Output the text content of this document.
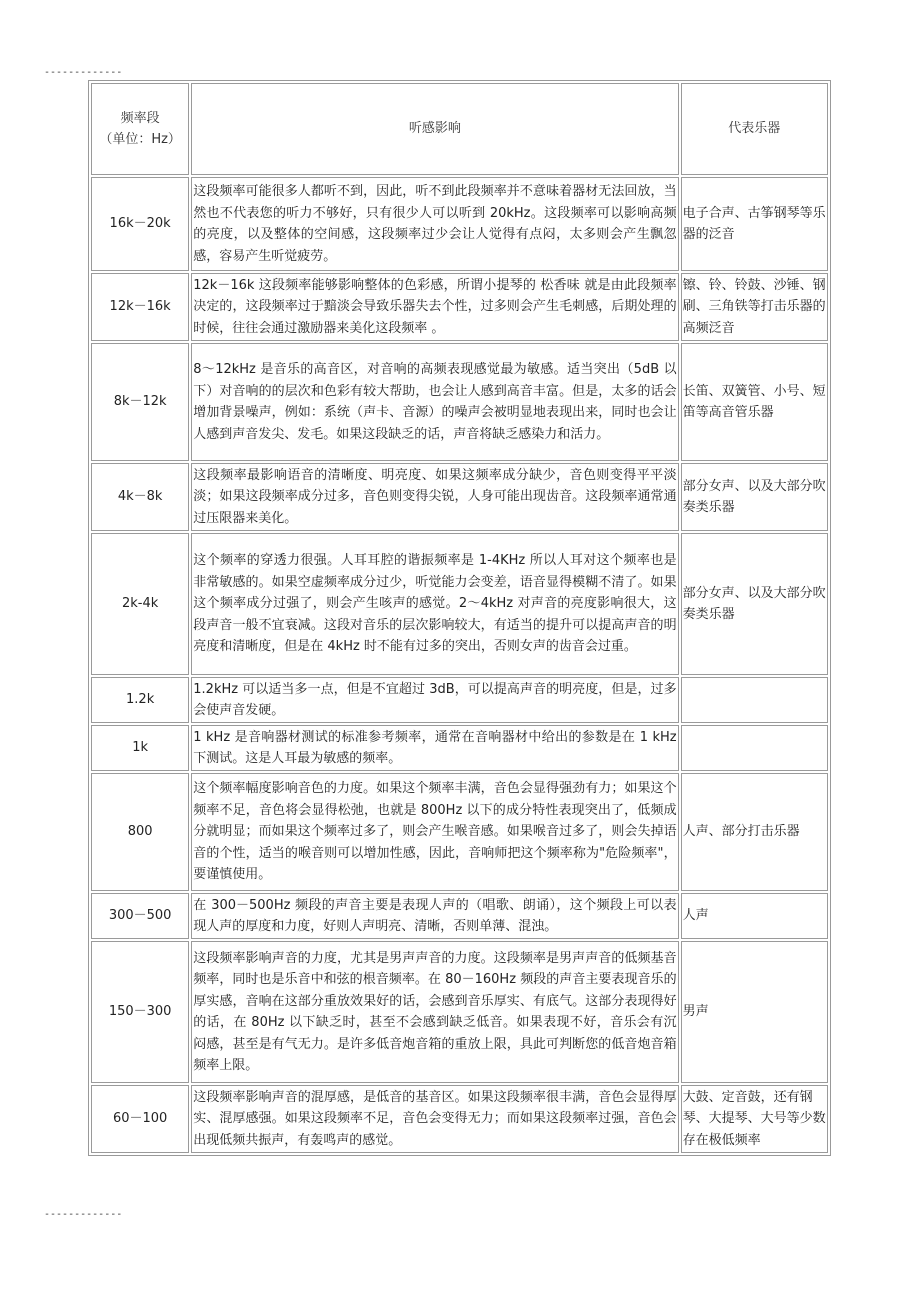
-------------
频率段
（单位：Hz）	听感影响	代表乐器
16k－20k	这段频率可能很多人都听不到，因此，听不到此段频率并不意味着器材无法回放，当然也不代表您的听力不够好，只有很少人可以听到 20kHz。这段频率可以影响高频的亮度，以及整体的空间感，这段频率过少会让人觉得有点闷，太多则会产生飘忽感，容易产生听觉疲劳。	电子合声、古筝钢琴等乐器的泛音
12k－16k	12k－16k 这段频率能够影响整体的色彩感，所谓小提琴的 松香味 就是由此段频率决定的，这段频率过于黯淡会导致乐器失去个性，过多则会产生毛刺感，后期处理的时候，往往会通过激励器来美化这段频率 。	镲、铃、铃鼓、沙锤、钢刷、三角铁等打击乐器的高频泛音
8k－12k	8～12kHz 是音乐的高音区，对音响的高频表现感觉最为敏感。适当突出（5dB 以下）对音响的的层次和色彩有较大帮助，也会让人感到高音丰富。但是，太多的话会增加背景噪声，例如：系统（声卡、音源）的噪声会被明显地表现出来，同时也会让人感到声音发尖、发毛。如果这段缺乏的话，声音将缺乏感染力和活力。	长笛、双簧管、小号、短笛等高音管乐器
4k－8k	这段频率最影响语音的清晰度、明亮度、如果这频率成分缺少，音色则变得平平淡淡；如果这段频率成分过多，音色则变得尖锐，人身可能出现齿音。这段频率通常通过压限器来美化。	部分女声、以及大部分吹奏类乐器
2k-4k	这个频率的穿透力很强。人耳耳腔的谐振频率是 1-4KHz 所以人耳对这个频率也是非常敏感的。如果空虚频率成分过少，听觉能力会变差，语音显得模糊不清了。如果这个频率成分过强了，则会产生咳声的感觉。2～4kHz 对声音的亮度影响很大，这段声音一般不宜衰减。这段对音乐的层次影响较大，有适当的提升可以提高声音的明亮度和清晰度，但是在 4kHz 时不能有过多的突出，否则女声的齿音会过重。	部分女声、以及大部分吹奏类乐器
1.2k	1.2kHz 可以适当多一点，但是不宜超过 3dB，可以提高声音的明亮度，但是，过多会使声音发硬。	
1k	1 kHz 是音响器材测试的标准参考频率，通常在音响器材中给出的参数是在 1 kHz 下测试。这是人耳最为敏感的频率。	
800	这个频率幅度影响音色的力度。如果这个频率丰满，音色会显得强劲有力；如果这个频率不足，音色将会显得松弛，也就是 800Hz 以下的成分特性表现突出了，低频成分就明显；而如果这个频率过多了，则会产生喉音感。如果喉音过多了，则会失掉语音的个性，适当的喉音则可以增加性感，因此，音响师把这个频率称为"危险频率"，要谨慎使用。	人声、部分打击乐器
300－500	在 300－500Hz 频段的声音主要是表现人声的（唱歌、朗诵），这个频段上可以表现人声的厚度和力度，好则人声明亮、清晰，否则单薄、混浊。	人声
150－300	这段频率影响声音的力度，尤其是男声声音的力度。这段频率是男声声音的低频基音频率，同时也是乐音中和弦的根音频率。在 80－160Hz 频段的声音主要表现音乐的厚实感，音响在这部分重放效果好的话，会感到音乐厚实、有底气。这部分表现得好的话，在 80Hz 以下缺乏时，甚至不会感到缺乏低音。如果表现不好，音乐会有沉闷感，甚至是有气无力。是许多低音炮音箱的重放上限，具此可判断您的低音炮音箱频率上限。	男声
60－100	这段频率影响声音的混厚感，是低音的基音区。如果这段频率很丰满，音色会显得厚实、混厚感强。如果这段频率不足，音色会变得无力；而如果这段频率过强，音色会出现低频共振声，有轰鸣声的感觉。	大鼓、定音鼓，还有钢琴、大提琴、大号等少数存在极低频率
-------------
